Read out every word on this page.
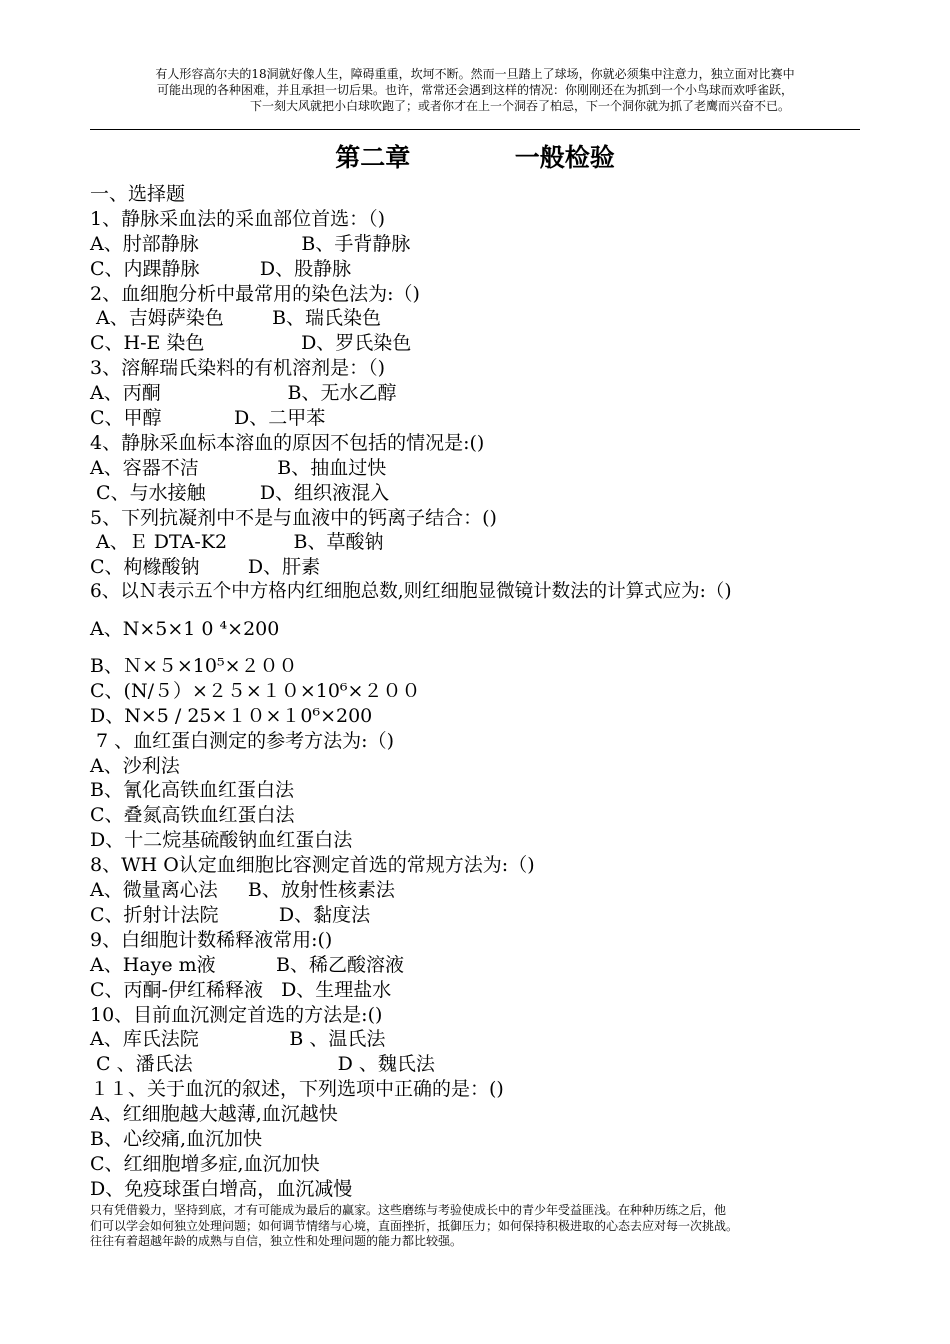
有人形容高尔夫的18洞就好像人生，障碍重重，坎坷不断。然而一旦踏上了球场，你就必须集中注意力，独立面对比赛中
可能出现的各种困难，并且承担一切后果。也许，常常还会遇到这样的情况：你刚刚还在为抓到一个小鸟球而欢呼雀跃，
下一刻大风就把小白球吹跑了；或者你才在上一个洞吞了柏忌，下一个洞你就为抓了老鹰而兴奋不已。
第二章            一般检验
一、选择题
1、静脉采血法的采血部位首选：（)
A、肘部静脉                 B、手背静脉
C、内踝静脉          D、股静脉
2、血细胞分析中最常用的染色法为:（)
A、吉姆萨染色        B、瑞氏染色
C、H-E 染色                D、罗氏染色
3、溶解瑞氏染料的有机溶剂是：（)
A、丙酮                     B、无水乙醇
C、甲醇            D、二甲苯
4、静脉采血标本溶血的原因不包括的情况是:()
A、容器不洁             B、抽血过快
C、与水接触         D、组织液混入
5、下列抗凝剂中不是与血液中的钙离子结合：()
A、Ｅ DTA-K2           B、草酸钠
C、枸橼酸钠        D、肝素
6、以Ｎ表示五个中方格内红细胞总数,则红细胞显微镜计数法的计算式应为:（)
A、N×5×1 0 ⁴×200
B、Ｎ×５×10⁵×２００
C、(N/５）×２５×１０×10⁶×２００
D、N×5 / 25×１０×１0⁶×200
7 、血红蛋白测定的参考方法为:（)
A、沙利法
B、氰化高铁血红蛋白法
C、叠氮高铁血红蛋白法
D、十二烷基硫酸钠血红蛋白法
8、WH O认定血细胞比容测定首选的常规方法为:（)
A、微量离心法     B、放射性核素法
C、折射计法院          D、黏度法
9、白细胞计数稀释液常用:()
A、Haye m液          B、稀乙酸溶液
C、丙酮-伊红稀释液   D、生理盐水
10、目前血沉测定首选的方法是:()
A、库氏法院               B 、温氏法
C 、潘氏法                        D 、魏氏法
１１、关于血沉的叙述，下列选项中正确的是：()
A、红细胞越大越薄,血沉越快
B、心绞痛,血沉加快
C、红细胞增多症,血沉加快
D、免疫球蛋白增高，血沉减慢
只有凭借毅力，坚持到底，才有可能成为最后的赢家。这些磨练与考验使成长中的青少年受益匪浅。在种种历练之后，他
们可以学会如何独立处理问题；如何调节情绪与心境，直面挫折，抵御压力；如何保持积极进取的心态去应对每一次挑战。
往往有着超越年龄的成熟与自信，独立性和处理问题的能力都比较强。
